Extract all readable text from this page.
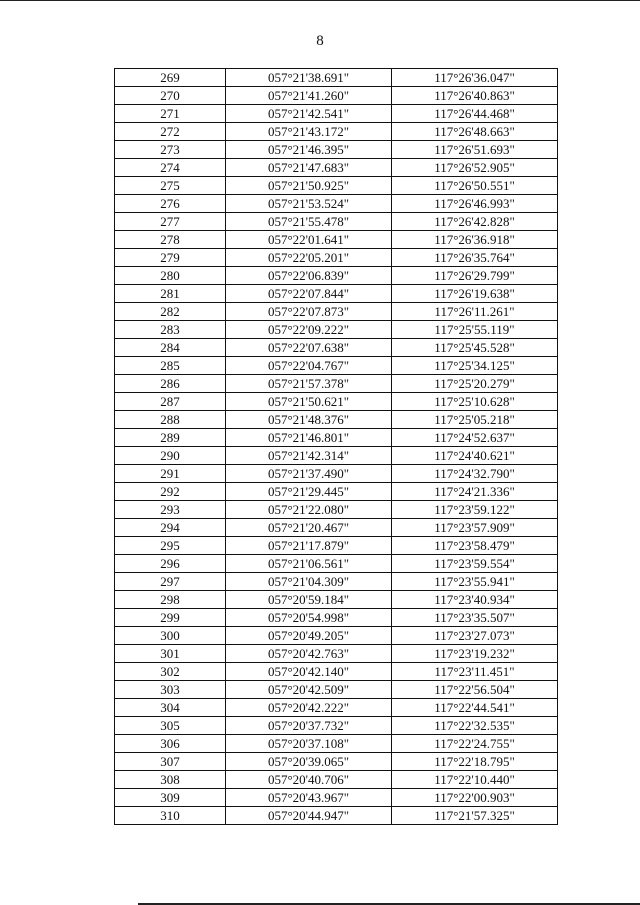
8
269	057°21'38.691"	117°26'36.047"
270	057°21'41.260"	117°26'40.863"
271	057°21'42.541"	117°26'44.468"
272	057°21'43.172"	117°26'48.663"
273	057°21'46.395"	117°26'51.693"
274	057°21'47.683"	117°26'52.905"
275	057°21'50.925"	117°26'50.551"
276	057°21'53.524"	117°26'46.993"
277	057°21'55.478"	117°26'42.828"
278	057°22'01.641"	117°26'36.918"
279	057°22'05.201"	117°26'35.764"
280	057°22'06.839"	117°26'29.799"
281	057°22'07.844"	117°26'19.638"
282	057°22'07.873"	117°26'11.261"
283	057°22'09.222"	117°25'55.119"
284	057°22'07.638"	117°25'45.528"
285	057°22'04.767"	117°25'34.125"
286	057°21'57.378"	117°25'20.279"
287	057°21'50.621"	117°25'10.628"
288	057°21'48.376"	117°25'05.218"
289	057°21'46.801"	117°24'52.637"
290	057°21'42.314"	117°24'40.621"
291	057°21'37.490"	117°24'32.790"
292	057°21'29.445"	117°24'21.336"
293	057°21'22.080"	117°23'59.122"
294	057°21'20.467"	117°23'57.909"
295	057°21'17.879"	117°23'58.479"
296	057°21'06.561"	117°23'59.554"
297	057°21'04.309"	117°23'55.941"
298	057°20'59.184"	117°23'40.934"
299	057°20'54.998"	117°23'35.507"
300	057°20'49.205"	117°23'27.073"
301	057°20'42.763"	117°23'19.232"
302	057°20'42.140"	117°23'11.451"
303	057°20'42.509"	117°22'56.504"
304	057°20'42.222"	117°22'44.541"
305	057°20'37.732"	117°22'32.535"
306	057°20'37.108"	117°22'24.755"
307	057°20'39.065"	117°22'18.795"
308	057°20'40.706"	117°22'10.440"
309	057°20'43.967"	117°22'00.903"
310	057°20'44.947"	117°21'57.325"
